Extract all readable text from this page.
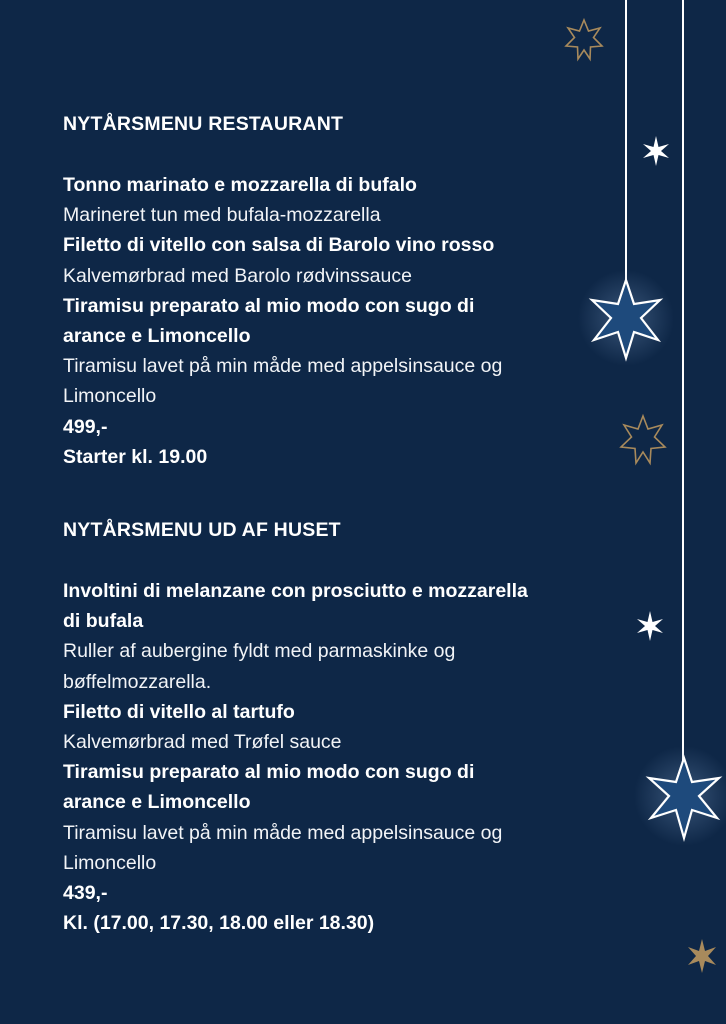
NYTÅRSMENU RESTAURANT
Tonno marinato e mozzarella di bufalo
Marineret tun med bufala-mozzarella
Filetto di vitello con salsa di Barolo vino rosso
Kalvemørbrad med Barolo rødvinssauce
Tiramisu preparato al mio modo con sugo di
arance e Limoncello
Tiramisu lavet på min måde med appelsinsauce og
Limoncello
499,-
Starter kl. 19.00
NYTÅRSMENU UD AF HUSET
Involtini di melanzane con prosciutto e mozzarella
di bufala
Ruller af aubergine fyldt med parmaskinke og
bøffelmozzarella.
Filetto di vitello al tartufo
Kalvemørbrad med Trøfel sauce
Tiramisu preparato al mio modo con sugo di
arance e Limoncello
Tiramisu lavet på min måde med appelsinsauce og
Limoncello
439,-
Kl. (17.00, 17.30, 18.00 eller 18.30)
